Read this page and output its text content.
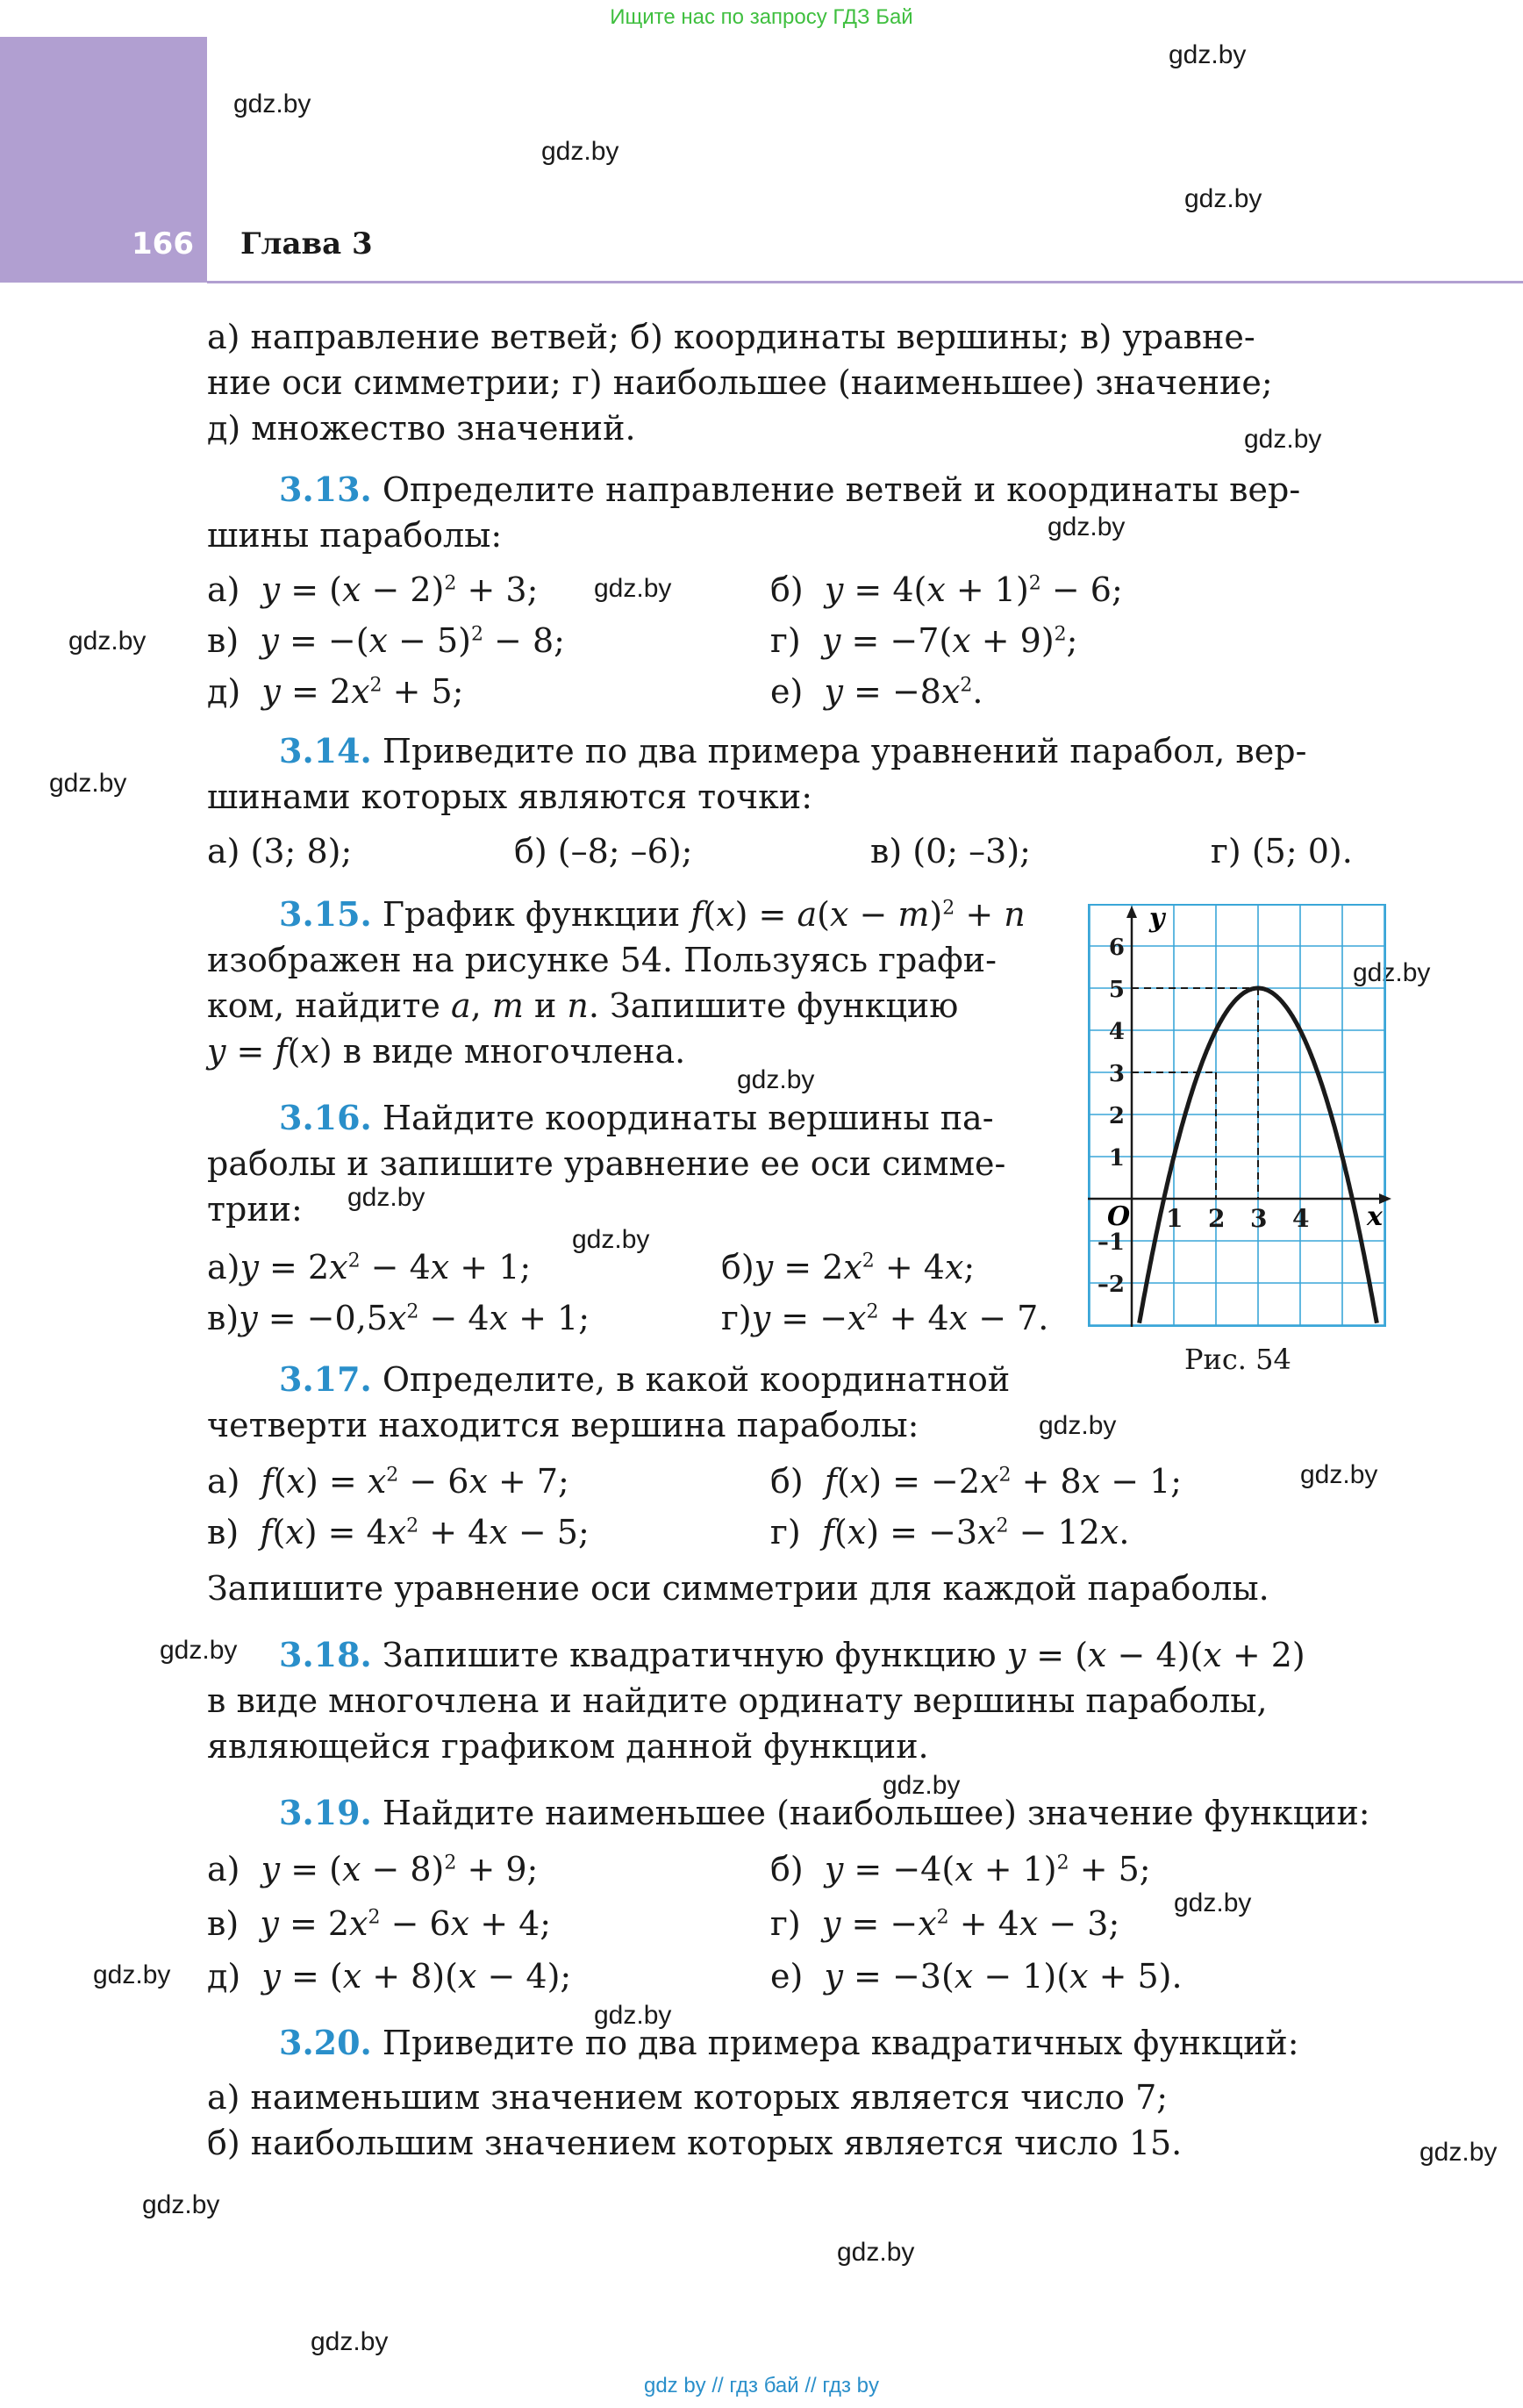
Ищите нас по запросу ГДЗ Бай
166 Глава 3
gdz.by
gdz.by
gdz.by
gdz.by
gdz.by
gdz.by
gdz.by
gdz.by
gdz.by
gdz.by
gdz.by
gdz.by
gdz.by
gdz.by
gdz.by
gdz.by
gdz.by
gdz.by
gdz.by
gdz.by
gdz.by
gdz.by
gdz.by
gdz.by
а) направление ветвей; б) координаты вершины; в) уравне-
ние оси симметрии; г) наибольшее (наименьшее) значение;
д) множество значений.
3.13. Определите направление ветвей и координаты вер-
шины параболы:
а) $y = (x - 2)^2 + 3$;	б) $y = 4(x + 1)^2 - 6$;
в) $y = -(x - 5)^2 - 8$;	г) $y = -7(x + 9)^2$;
д) $y = 2x^2 + 5$;	е) $y = -8x^2$.
3.14. Приведите по два примера уравнений парабол, вер-
шинами которых являются точки:
а) (3; 8);	б) (–8; –6);	в) (0; –3);	г) (5; 0).
3.15. График функции $f(x) = a(x - m)^2 + n$
изображен на рисунке 54. Пользуясь графи-
ком, найдите a, m и n. Запишите функцию
y = f(x) в виде многочлена.
3.16. Найдите координаты вершины па-
раболы и запишите уравнение ее оси симме-
трии:
$а)y = 2x^2 - 4x + 1$;	$б)y = 2x^2 + 4x$;
$в)y = -0,5x^2 - 4x + 1$;	$г)y = -x^2 + 4x - 7$.
1 2 3 4
6
5
4
3
2
1
–1
–2
y
x
O
Рис. 54
3.17. Определите, в какой координатной
четверти находится вершина параболы:
а)  $f(x) = x^2 - 6x + 7$;	б)  $f(x) = -2x^2 + 8x - 1$;
в)  $f(x) = 4x^2 + 4x - 5$;	г)  $f(x) = -3x^2 - 12x$.
Запишите уравнение оси симметрии для каждой параболы.
3.18. Запишите квадратичную функцию y = (x − 4)(x + 2)
в виде многочлена и найдите ординату вершины параболы,
являющейся графиком данной функции.
3.19. Найдите наименьшее (наибольшее) значение функции:
а)  $y = (x - 8)^2 + 9$;	б)  $y = -4(x + 1)^2 + 5$;
в)  $y = 2x^2 - 6x + 4$;	г)  $y = -x^2 + 4x - 3$;
д)  y = (x + 8)(x − 4);	е)  y = −3(x − 1)(x + 5).
3.20. Приведите по два примера квадратичных функций:
а) наименьшим значением которых является число 7;
б) наибольшим значением которых является число 15.
gdz by // гдз бай // гдз by
